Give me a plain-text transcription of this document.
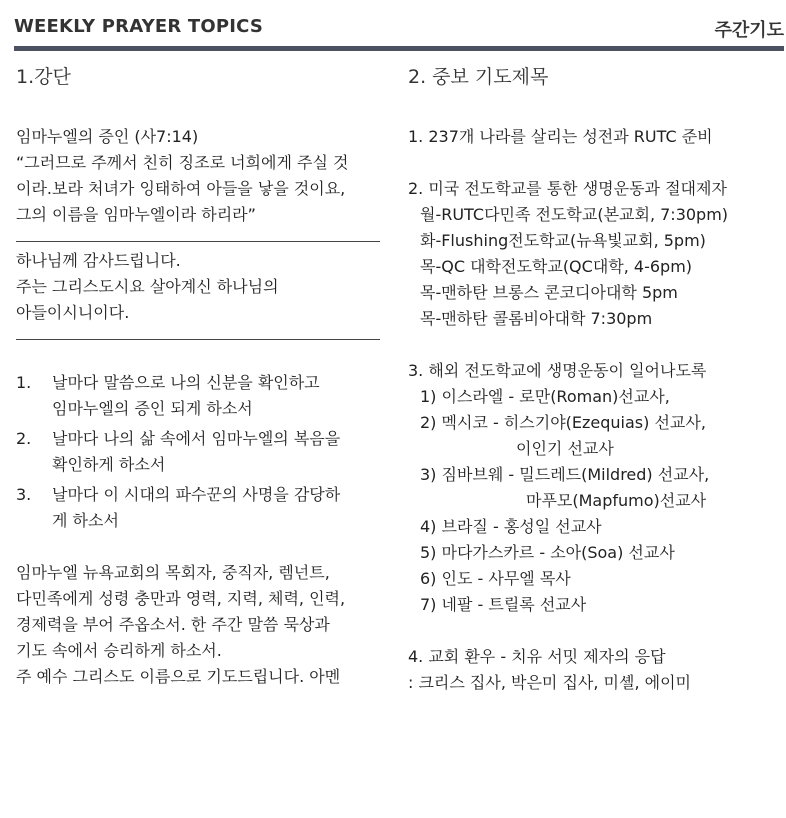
WEEKLY PRAYER TOPICS	주간기도

1.강단

임마누엘의 증인 (사7:14)

“그러므로 주께서 친히 징조로 너희에게 주실 것

이라.보라 처녀가 잉태하여 아들을 낳을 것이요,

그의 이름을 임마누엘이라 하리라”

하나님께 감사드립니다.

주는 그리스도시요 살아계신 하나님의

아들이시니이다.

1. 날마다 말씀으로 나의 신분을 확인하고
임마누엘의 증인 되게 하소서
2. 날마다 나의 삶 속에서 임마누엘의 복음을
확인하게 하소서
3. 날마다 이 시대의 파수꾼의 사명을 감당하
게 하소서

임마누엘 뉴욕교회의 목회자, 중직자, 렘넌트,

다민족에게 성령 충만과 영력, 지력, 체력, 인력,

경제력을 부어 주옵소서. 한 주간 말씀 묵상과

기도 속에서 승리하게 하소서.

주 예수 그리스도 이름으로 기도드립니다. 아멘

2. 중보 기도제목

1. 237개 나라를 살리는 성전과 RUTC 준비

2. 미국 전도학교를 통한 생명운동과 절대제자

월-RUTC다민족 전도학교(본교회, 7:30pm)

화-Flushing전도학교(뉴욕빛교회, 5pm)

목-QC 대학전도학교(QC대학, 4-6pm)

목-맨하탄 브롱스 콘코디아대학 5pm

목-맨하탄 콜롬비아대학 7:30pm

3. 해외 전도학교에 생명운동이 일어나도록

1) 이스라엘 - 로만(Roman)선교사,

2) 멕시코 - 히스기야(Ezequias) 선교사,

이인기 선교사

3) 짐바브웨 - 밀드레드(Mildred) 선교사,

마푸모(Mapfumo)선교사

4) 브라질 - 홍성일 선교사

5) 마다가스카르 - 소아(Soa) 선교사

6) 인도 - 사무엘 목사

7) 네팔 - 트릴록 선교사

4. 교회 환우 - 치유 서밋 제자의 응답

: 크리스 집사, 박은미 집사, 미셸, 에이미
